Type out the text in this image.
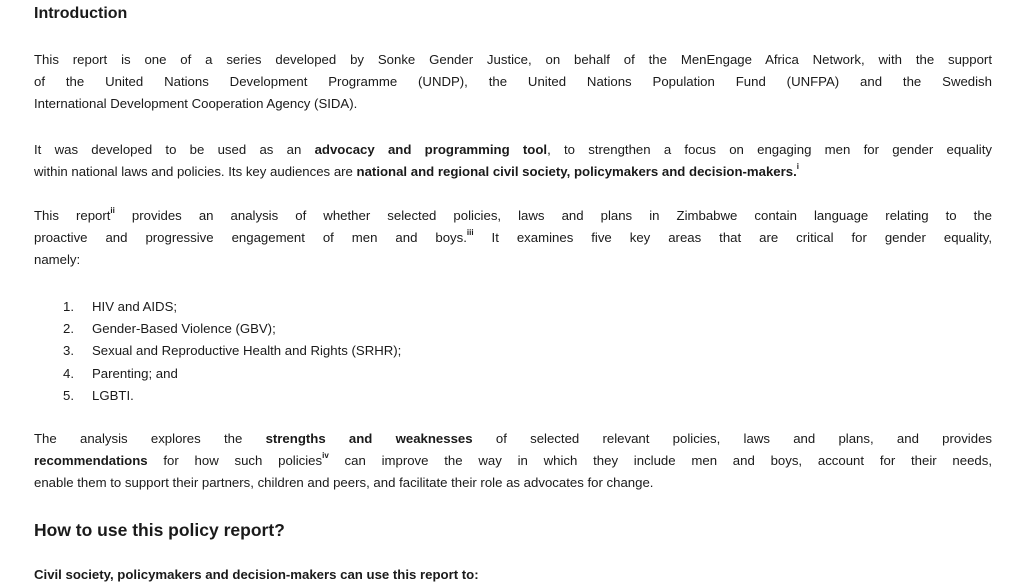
Introduction

This report is one of a series developed by Sonke Gender Justice, on behalf of the MenEngage Africa Network, with the support
of the United Nations Development Programme (UNDP), the United Nations Population Fund (UNFPA) and the Swedish
International Development Cooperation Agency (SIDA).

It was developed to be used as an advocacy and programming tool, to strengthen a focus on engaging men for gender equality
within national laws and policies. Its key audiences are national and regional civil society, policymakers and decision-makers.$^i$

This report$^{ii}$ provides an analysis of whether selected policies, laws and plans in Zimbabwe contain language relating to the
proactive and progressive engagement of men and boys.$^{iii}$ It examines five key areas that are critical for gender equality,
namely:

1. HIV and AIDS;
2. Gender-Based Violence (GBV);
3. Sexual and Reproductive Health and Rights (SRHR);
4. Parenting; and
5. LGBTI.

The analysis explores the strengths and weaknesses of selected relevant policies, laws and plans, and provides
recommendations for how such policies$^{iv}$ can improve the way in which they include men and boys, account for their needs,
enable them to support their partners, children and peers, and facilitate their role as advocates for change.

How to use this policy report?

Civil society, policymakers and decision-makers can use this report to:
